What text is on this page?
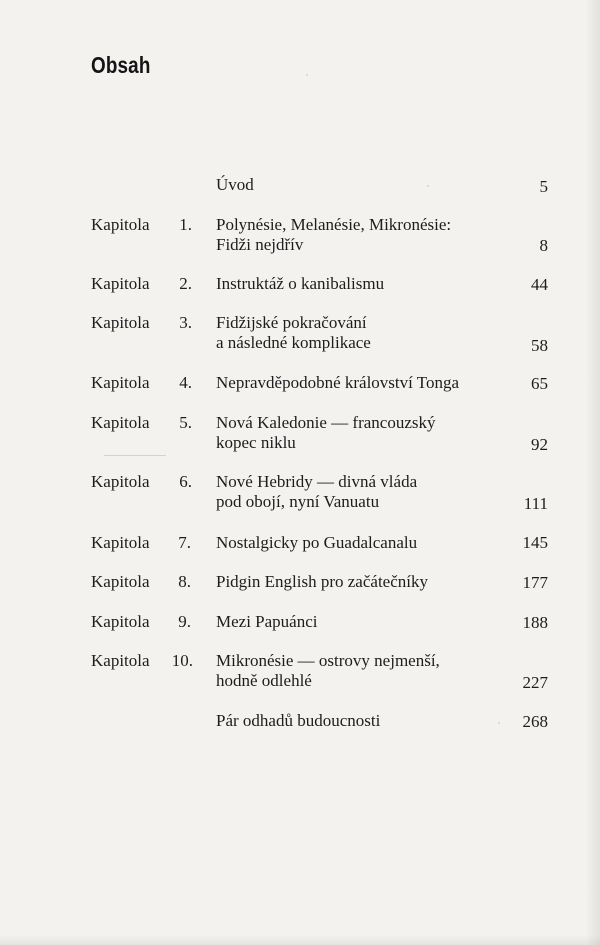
Obsah
Úvod	5
Kapitola	1. Polynésie, Melanésie, Mikronésie:
Fidži nejdřív	8
Kapitola	2. Instruktáž o kanibalismu	44
Kapitola	3. Fidžijské pokračování
a následné komplikace	58
Kapitola	4. Nepravděpodobné království Tonga	65
Kapitola	5. Nová Kaledonie — francouzský
kopec niklu	92
Kapitola	6. Nové Hebridy — divná vláda
pod obojí, nyní Vanuatu	111
Kapitola	7. Nostalgicky po Guadalcanalu	145
Kapitola	8. Pidgin English pro začátečníky	177
Kapitola	9. Mezi Papuánci	188
Kapitola 10. Mikronésie — ostrovy nejmenší,
hodně odlehlé	227
Pár odhadů budoucnosti	268
